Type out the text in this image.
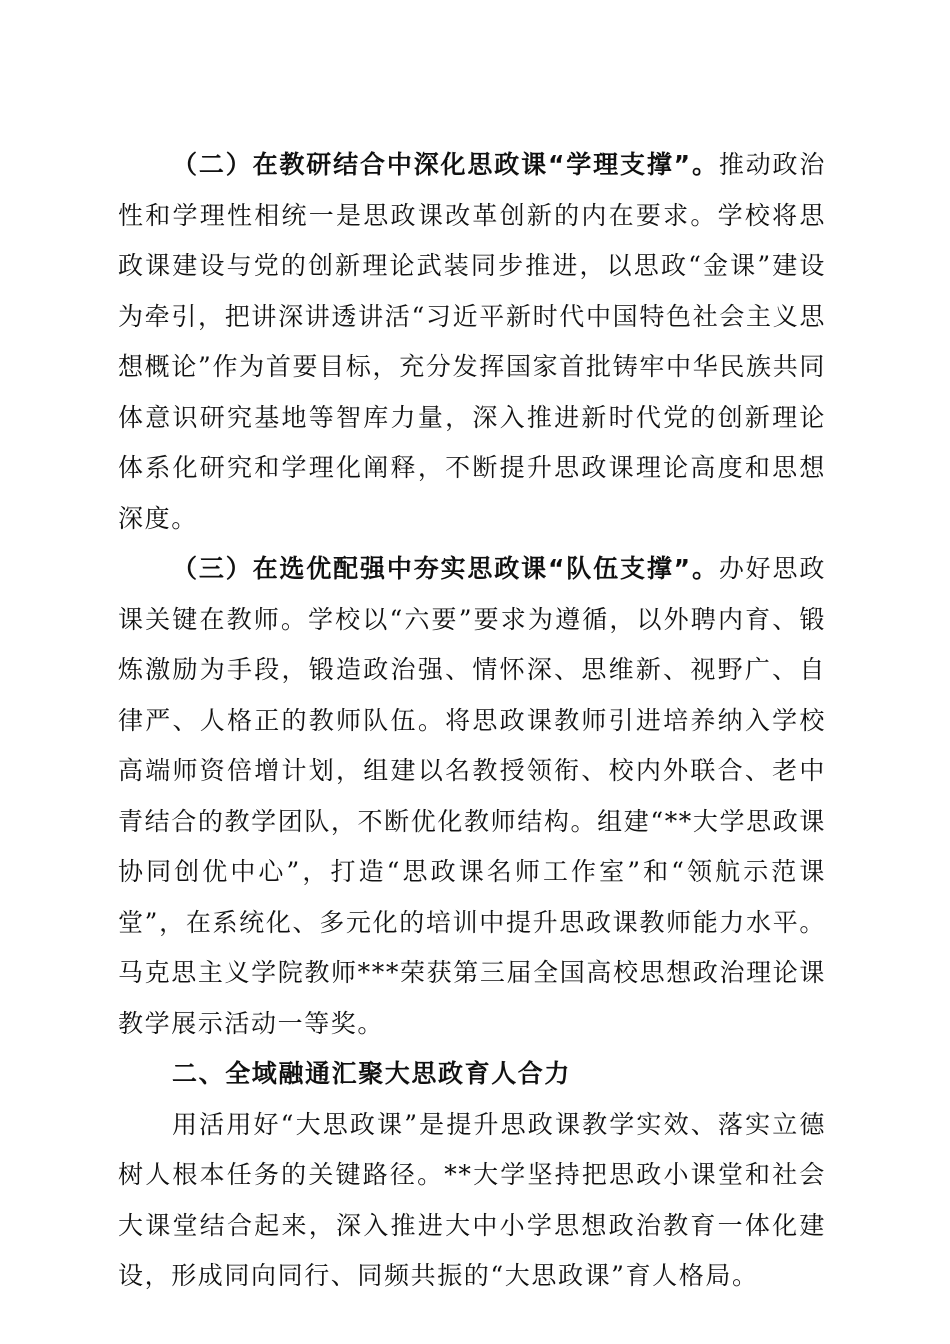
（二）在教研结合中深化思政课“学理支撑”。推动政治性和学理性相统一是思政课改革创新的内在要求。学校将思政课建设与党的创新理论武装同步推进，以思政“金课”建设为牵引，把讲深讲透讲活“习近平新时代中国特色社会主义思想概论”作为首要目标，充分发挥国家首批铸牢中华民族共同体意识研究基地等智库力量，深入推进新时代党的创新理论体系化研究和学理化阐释，不断提升思政课理论高度和思想深度。

（三）在选优配强中夯实思政课“队伍支撑”。办好思政课关键在教师。学校以“六要”要求为遵循，以外聘内育、锻炼激励为手段，锻造政治强、情怀深、思维新、视野广、自律严、人格正的教师队伍。将思政课教师引进培养纳入学校高端师资倍增计划，组建以名教授领衔、校内外联合、老中青结合的教学团队，不断优化教师结构。组建“**大学思政课协同创优中心”，打造“思政课名师工作室”和“领航示范课堂”，在系统化、多元化的培训中提升思政课教师能力水平。马克思主义学院教师***荣获第三届全国高校思想政治理论课教学展示活动一等奖。

二、全域融通汇聚大思政育人合力

用活用好“大思政课”是提升思政课教学实效、落实立德树人根本任务的关键路径。**大学坚持把思政小课堂和社会大课堂结合起来，深入推进大中小学思想政治教育一体化建设，形成同向同行、同频共振的“大思政课”育人格局。
